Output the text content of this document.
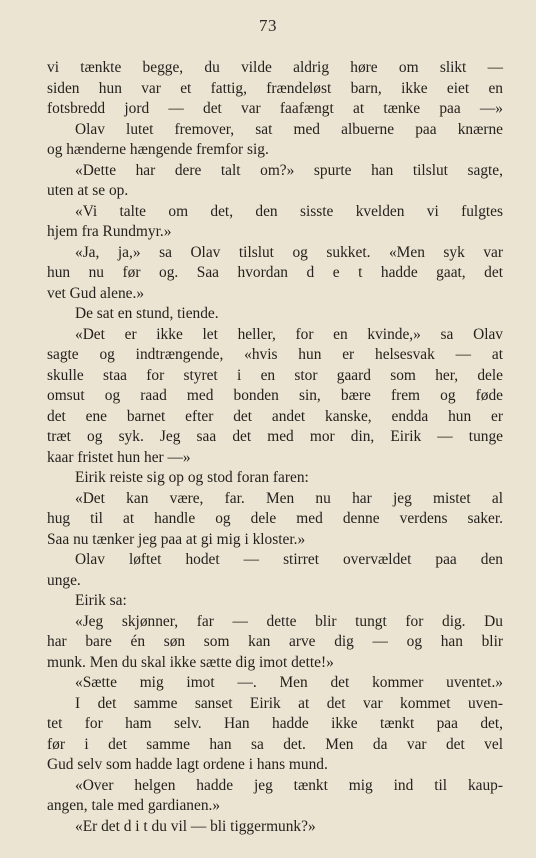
73
vi tænkte begge, du vilde aldrig høre om slikt —
siden hun var et fattig, frændeløst barn, ikke eiet en
fotsbredd jord — det var faafængt at tænke paa —»
Olav lutet fremover, sat med albuerne paa knærne
og hænderne hængende fremfor sig.
«Dette har dere talt om?» spurte han tilslut sagte,
uten at se op.
«Vi talte om det, den sisste kvelden vi fulgtes
hjem fra Rundmyr.»
«Ja, ja,» sa Olav tilslut og sukket. «Men syk var
hun nu før og. Saa hvordan d e t hadde gaat, det
vet Gud alene.»
De sat en stund, tiende.
«Det er ikke let heller, for en kvinde,» sa Olav
sagte og indtrængende, «hvis hun er helsesvak — at
skulle staa for styret i en stor gaard som her, dele
omsut og raad med bonden sin, bære frem og føde
det ene barnet efter det andet kanske, endda hun er
træt og syk. Jeg saa det med mor din, Eirik — tunge
kaar fristet hun her —»
Eirik reiste sig op og stod foran faren:
«Det kan være, far. Men nu har jeg mistet al
hug til at handle og dele med denne verdens saker.
Saa nu tænker jeg paa at gi mig i kloster.»
Olav løftet hodet — stirret overvældet paa den
unge.
Eirik sa:
«Jeg skjønner, far — dette blir tungt for dig. Du
har bare én søn som kan arve dig — og han blir
munk. Men du skal ikke sætte dig imot dette!»
«Sætte mig imot —. Men det kommer uventet.»
I det samme sanset Eirik at det var kommet uven-
tet for ham selv. Han hadde ikke tænkt paa det,
før i det samme han sa det. Men da var det vel
Gud selv som hadde lagt ordene i hans mund.
«Over helgen hadde jeg tænkt mig ind til kaup-
angen, tale med gardianen.»
«Er det d i t du vil — bli tiggermunk?»
